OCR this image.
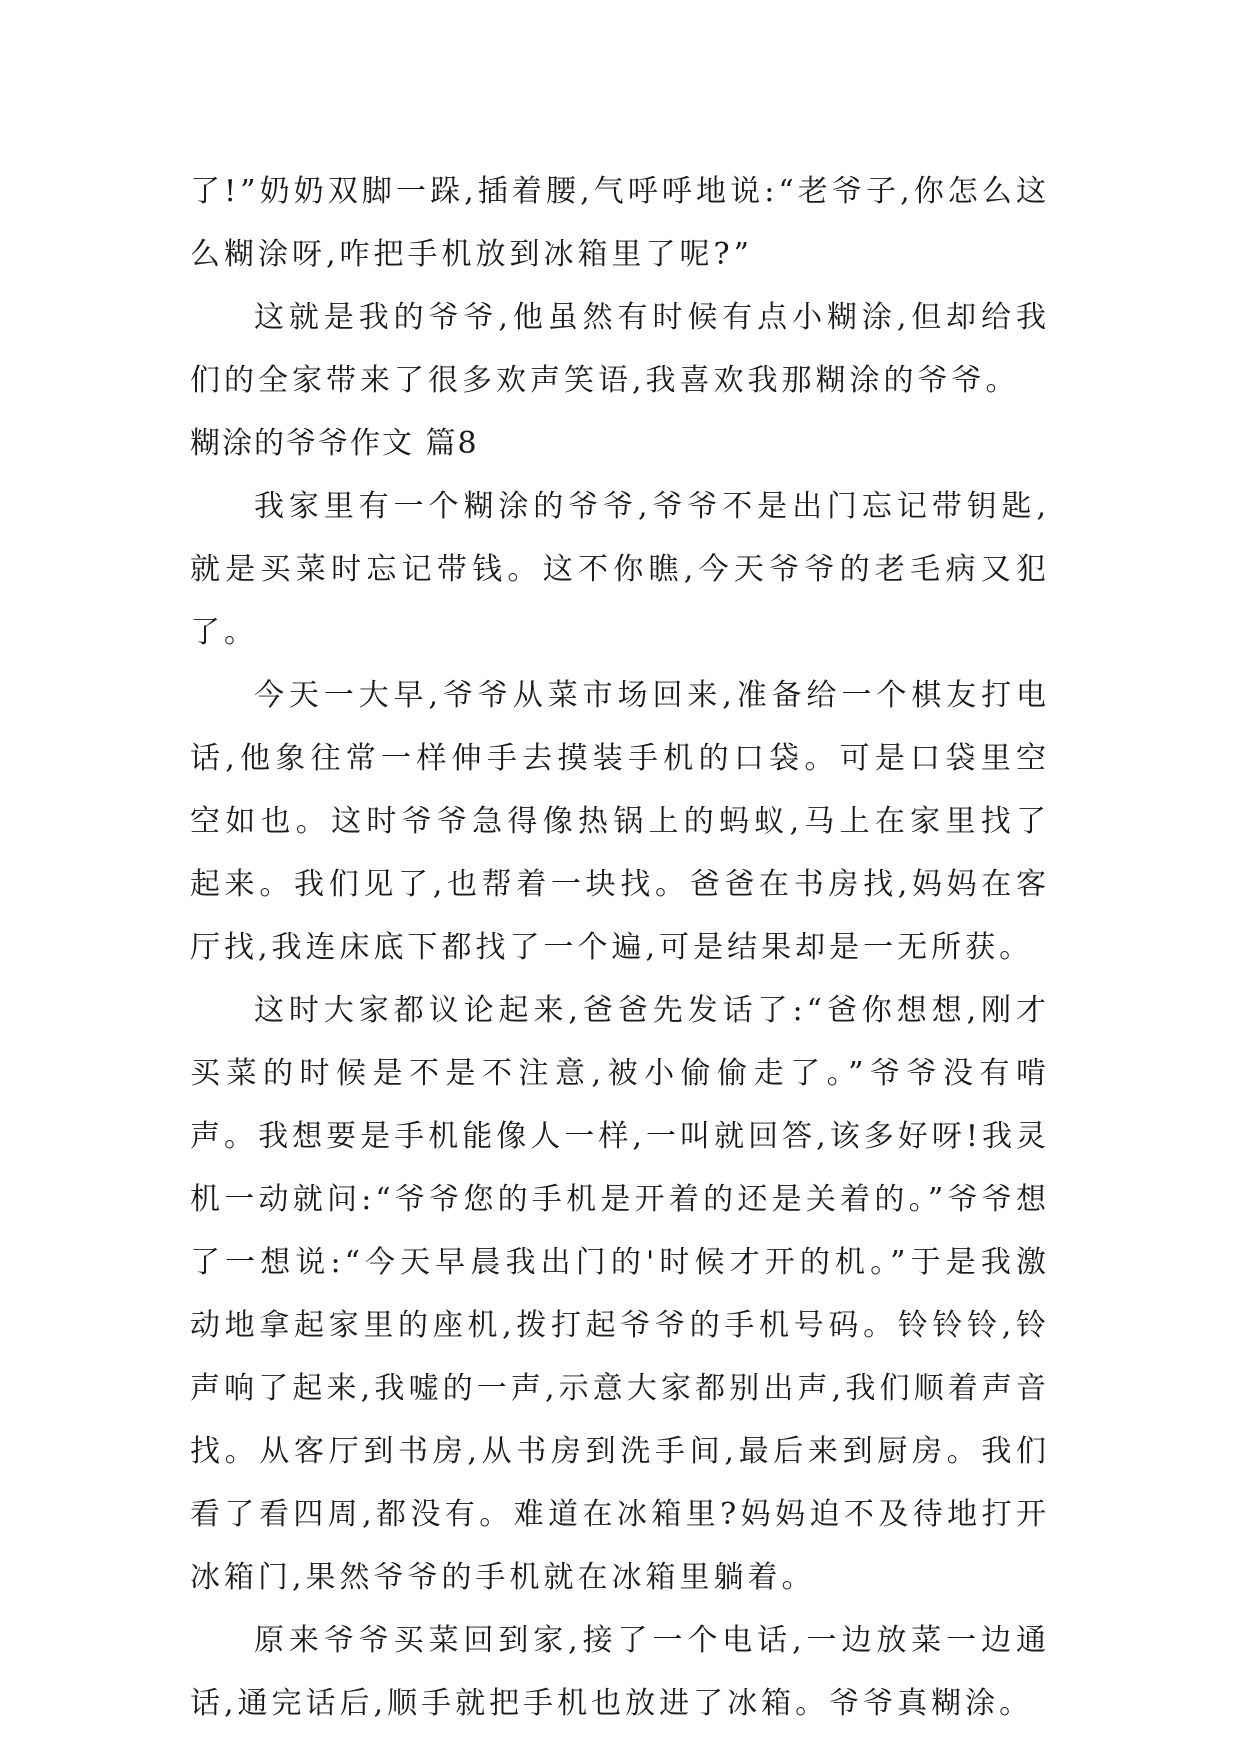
了!”奶奶双脚一跺,插着腰,气呼呼地说:“老爷子,你怎么这么糊涂呀,咋把手机放到冰箱里了呢?”

这就是我的爷爷,他虽然有时候有点小糊涂,但却给我们的全家带来了很多欢声笑语,我喜欢我那糊涂的爷爷。

糊涂的爷爷作文 篇8

我家里有一个糊涂的爷爷,爷爷不是出门忘记带钥匙,就是买菜时忘记带钱。这不你瞧,今天爷爷的老毛病又犯了。

今天一大早,爷爷从菜市场回来,准备给一个棋友打电话,他象往常一样伸手去摸装手机的口袋。可是口袋里空空如也。这时爷爷急得像热锅上的蚂蚁,马上在家里找了起来。我们见了,也帮着一块找。爸爸在书房找,妈妈在客厅找,我连床底下都找了一个遍,可是结果却是一无所获。

这时大家都议论起来,爸爸先发话了:“爸你想想,刚才买菜的时候是不是不注意,被小偷偷走了。”爷爷没有啃声。我想要是手机能像人一样,一叫就回答,该多好呀!我灵机一动就问:“爷爷您的手机是开着的还是关着的。”爷爷想了一想说:“今天早晨我出门的'时候才开的机。”于是我激动地拿起家里的座机,拨打起爷爷的手机号码。铃铃铃,铃声响了起来,我嘘的一声,示意大家都别出声,我们顺着声音找。从客厅到书房,从书房到洗手间,最后来到厨房。我们看了看四周,都没有。难道在冰箱里?妈妈迫不及待地打开冰箱门,果然爷爷的手机就在冰箱里躺着。

原来爷爷买菜回到家,接了一个电话,一边放菜一边通话,通完话后,顺手就把手机也放进了冰箱。爷爷真糊涂。
